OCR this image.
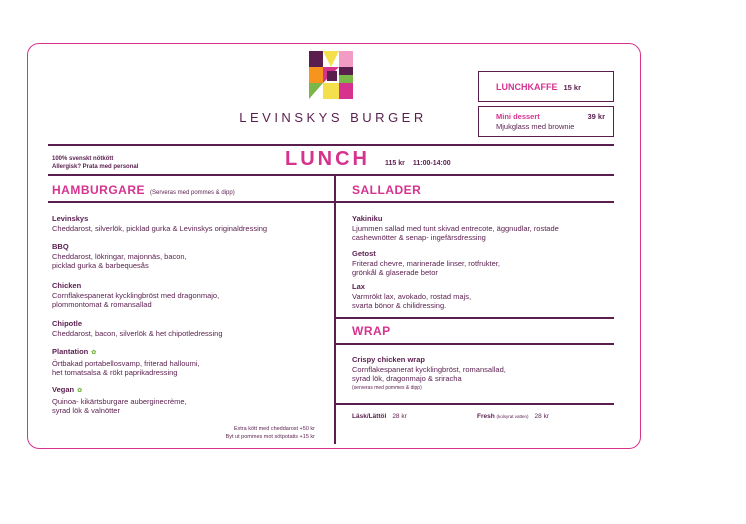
LEVINSKYS BURGER
LUNCHKAFFE 15 kr
Mini dessert	39 kr
Mjukglass med brownie
100% svenskt nötkött
Allergisk? Prata med personal	LUNCH 115 kr 11:00-14:00
HAMBURGARE (Serveras med pommes & dipp)
Levinskys
Cheddarost, silverlök, picklad gurka & Levinskys originaldressing
BBQ
Cheddarost, lökringar, majonnäs, bacon,
picklad gurka & barbequesås
Chicken
Cornflakespanerat kycklingbröst med dragonmajo,
plommontomat & romansallad
Chipotle
Cheddarost, bacon, silverlök & het chipotledressing
Plantation ✿
Örtbakad portabellosvamp, friterad halloumi,
het tomatsalsa & rökt paprikadressing
Vegan ✿
Quinoa- kikärtsburgare auberginecrème,
syrad lök & valnötter
Extra kött med cheddarost +50 kr
Byt ut pommes mot sötpotatis +15 kr
SALLADER
Yakiniku
Ljummen sallad med tunt skivad entrecote, äggnudlar, rostade
cashewnötter & senap- ingefärsdressing
Getost
Friterad chevre, marinerade linser, rotfrukter,
grönkål & glaserade betor
Lax
Varmrökt lax, avokado, rostad majs,
svarta bönor & chilidressing.
WRAP
Crispy chicken wrap
Cornflakespanerat kycklingbröst, romansallad,
syrad lök, dragonmajo & sriracha
(serveras med pommes & dipp)
Läsk/Lättöl 28 kr	Fresh (kolsyrat vatten) 28 kr
